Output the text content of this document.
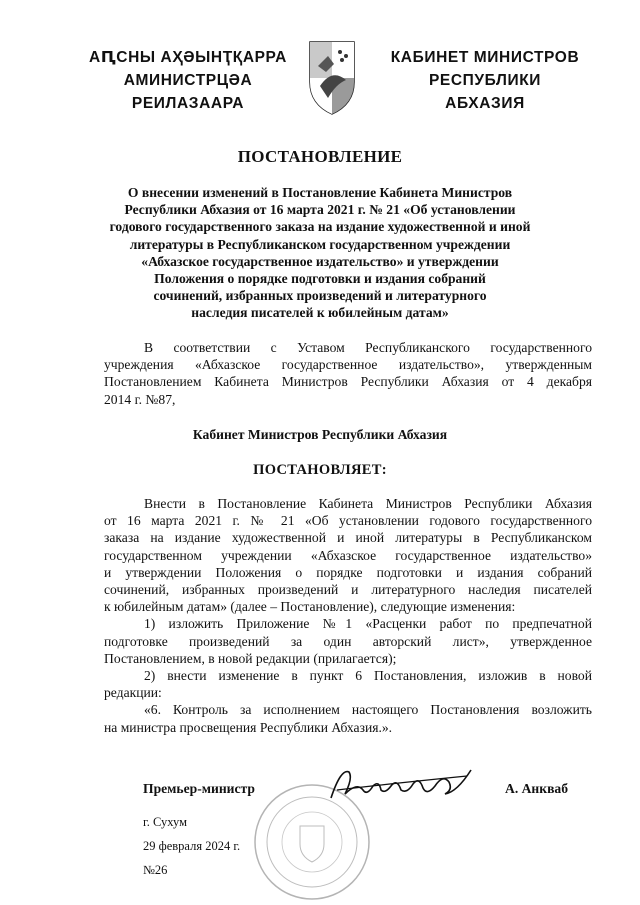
АԤСНЫ АҲӘЫНҬҚАРРА
АМИНИСТРЦӘА РЕИЛАЗААРА
КАБИНЕТ МИНИСТРОВ
РЕСПУБЛИКИ АБХАЗИЯ
ПОСТАНОВЛЕНИЕ
О внесении изменений в Постановление Кабинета Министров
Республики Абхазия от 16 марта 2021 г. № 21 «Об установлении
годового государственного заказа на издание художественной и иной
литературы в Республиканском государственном учреждении
«Абхазское государственное издательство» и утверждении
Положения о порядке подготовки и издания собраний
сочинений, избранных произведений и литературного
наследия писателей к юбилейным датам»
В соответствии с Уставом Республиканского государственного
учреждения «Абхазское государственное издательство», утвержденным
Постановлением Кабинета Министров Республики Абхазия от 4 декабря
2014 г. №87,
Кабинет Министров Республики Абхазия
ПОСТАНОВЛЯЕТ:
Внести в Постановление Кабинета Министров Республики Абхазия
от 16 марта 2021 г. № 21 «Об установлении годового государственного
заказа на издание художественной и иной литературы в Республиканском
государственном учреждении «Абхазское государственное издательство»
и утверждении Положения о порядке подготовки и издания собраний
сочинений, избранных произведений и литературного наследия писателей
к юбилейным датам» (далее – Постановление), следующие изменения:
1) изложить Приложение №1 «Расценки работ по предпечатной
подготовке произведений за один авторский лист», утвержденное
Постановлением, в новой редакции (прилагается);
2) внести изменение в пункт 6 Постановления, изложив в новой
редакции:
«6. Контроль за исполнением настоящего Постановления возложить
на министра просвещения Республики Абхазия.».
Премьер-министр	А. Анкваб
г. Сухум
29 февраля 2024 г.
№26
